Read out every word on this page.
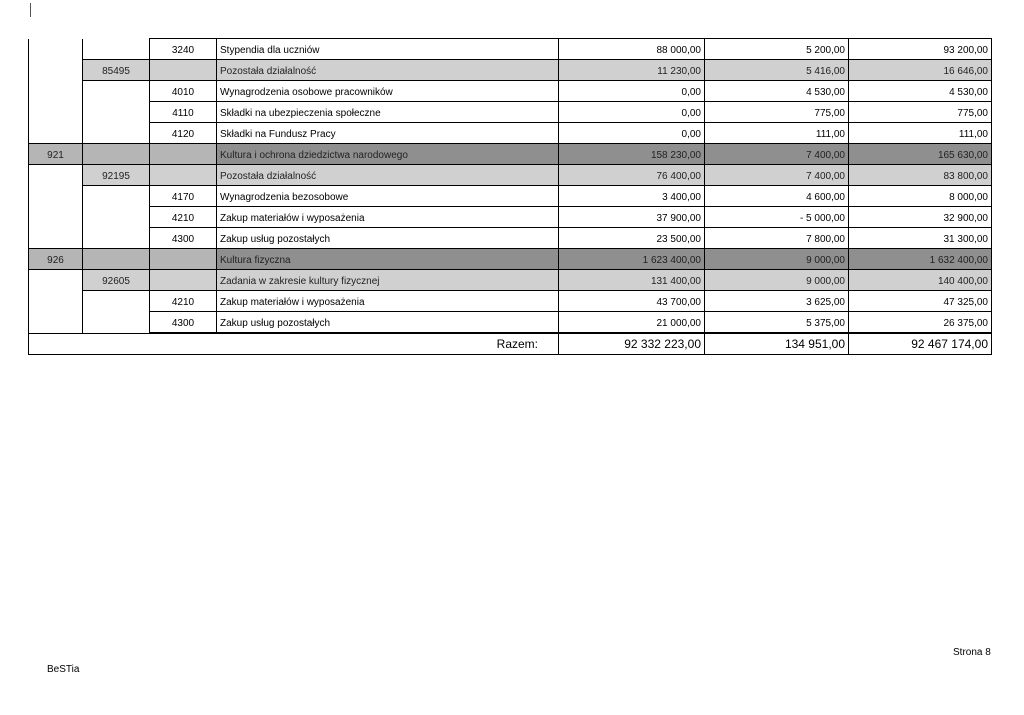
		3240	Stypendia dla uczniów	88 000,00	5 200,00	93 200,00
	85495		Pozostała działalność	11 230,00	5 416,00	16 646,00
		4010	Wynagrodzenia osobowe pracowników	0,00	4 530,00	4 530,00
		4110	Składki na ubezpieczenia społeczne	0,00	775,00	775,00
		4120	Składki na Fundusz Pracy	0,00	111,00	111,00
921			Kultura i ochrona dziedzictwa narodowego	158 230,00	7 400,00	165 630,00
	92195		Pozostała działalność	76 400,00	7 400,00	83 800,00
		4170	Wynagrodzenia bezosobowe	3 400,00	4 600,00	8 000,00
		4210	Zakup materiałów i wyposażenia	37 900,00	- 5 000,00	32 900,00
		4300	Zakup usług pozostałych	23 500,00	7 800,00	31 300,00
926			Kultura fizyczna	1 623 400,00	9 000,00	1 632 400,00
	92605		Zadania w zakresie kultury fizycznej	131 400,00	9 000,00	140 400,00
		4210	Zakup materiałów i wyposażenia	43 700,00	3 625,00	47 325,00
		4300	Zakup usług pozostałych	21 000,00	5 375,00	26 375,00
Razem:	92 332 223,00	134 951,00	92 467 174,00
BeSTia
Strona 8
